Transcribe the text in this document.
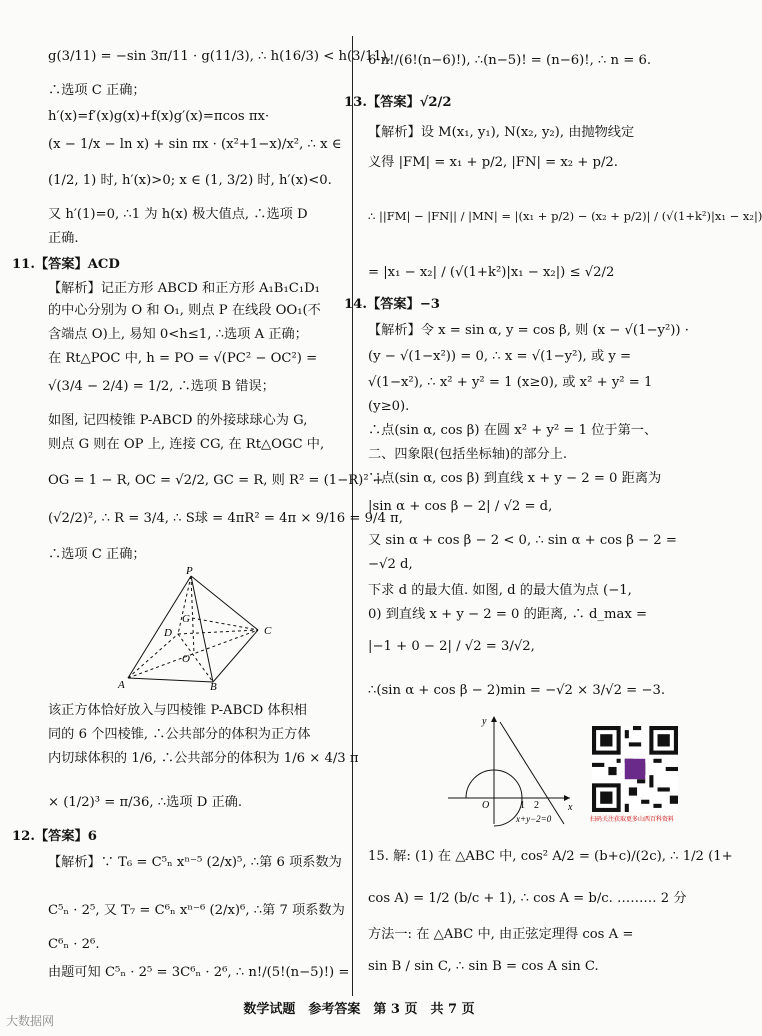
g(3/11) = −sin 3π/11 · g(11/3), ∴ h(16/3) < h(3/11),
∴选项 C 正确；
h′(x)=f′(x)g(x)+f(x)g′(x)=πcos πx·
(x − 1/x − ln x) + sin πx · (x²+1−x)/x², ∴ x ∈
(1/2, 1) 时, h′(x)>0; x ∈ (1, 3/2) 时, h′(x)<0.
又 h′(1)=0, ∴1 为 h(x) 极大值点, ∴选项 D
正确.
11.【答案】ACD
【解析】记正方形 ABCD 和正方形 A₁B₁C₁D₁
的中心分别为 O 和 O₁, 则点 P 在线段 OO₁(不
含端点 O)上, 易知 0<h≤1, ∴选项 A 正确；
在 Rt△POC 中, h = PO = √(PC² − OC²) =
√(3/4 − 2/4) = 1/2, ∴选项 B 错误；
如图, 记四棱锥 P-ABCD 的外接球球心为 G,
则点 G 则在 OP 上, 连接 CG, 在 Rt△OGC 中,
OG = 1 − R, OC = √2/2, GC = R, 则 R² = (1−R)² +
(√2/2)², ∴ R = 3/4, ∴ S球 = 4πR² = 4π × 9/16 = 9/4 π,
∴选项 C 正确；
P
G
D	C
O
A	B
该正方体恰好放入与四棱锥 P-ABCD 体积相
同的 6 个四棱锥, ∴公共部分的体积为正方体
内切球体积的 1/6, ∴公共部分的体积为 1/6 × 4/3 π
× (1/2)³ = π/36, ∴选项 D 正确.
12.【答案】6
【解析】∵ T₆ = C⁵ₙ xⁿ⁻⁵ (2/x)⁵, ∴第 6 项系数为
C⁵ₙ · 2⁵, 又 T₇ = C⁶ₙ xⁿ⁻⁶ (2/x)⁶, ∴第 7 项系数为
C⁶ₙ · 2⁶.
由题可知 C⁵ₙ · 2⁵ = 3C⁶ₙ · 2⁶, ∴ n!/(5!(n−5)!) =
6·n!/(6!(n−6)!), ∴(n−5)! = (n−6)!, ∴ n = 6.
13.【答案】√2/2
【解析】设 M(x₁, y₁), N(x₂, y₂), 由抛物线定
义得 |FM| = x₁ + p/2, |FN| = x₂ + p/2.
∴ ||FM| − |FN|| / |MN| = |(x₁ + p/2) − (x₂ + p/2)| / (√(1+k²)|x₁ − x₂|)
= |x₁ − x₂| / (√(1+k²)|x₁ − x₂|) ≤ √2/2
14.【答案】−3
【解析】令 x = sin α, y = cos β, 则 (x − √(1−y²)) ·
(y − √(1−x²)) = 0, ∴ x = √(1−y²), 或 y =
√(1−x²), ∴ x² + y² = 1 (x≥0), 或 x² + y² = 1
(y≥0).
∴点(sin α, cos β) 在圆 x² + y² = 1 位于第一、
二、四象限(包括坐标轴)的部分上.
∵点(sin α, cos β) 到直线 x + y − 2 = 0 距离为
|sin α + cos β − 2| / √2 = d,
又 sin α + cos β − 2 < 0, ∴ sin α + cos β − 2 =
−√2 d,
下求 d 的最大值. 如图, d 的最大值为点 (−1,
0) 到直线 x + y − 2 = 0 的距离, ∴ d_max =
|−1 + 0 − 2| / √2 = 3/√2,
∴(sin α + cos β − 2)min = −√2 × 3/√2 = −3.
y
x
O	1 2
x+y−2=0
15. 解: (1) 在 △ABC 中, cos² A/2 = (b+c)/(2c), ∴ 1/2 (1+
cos A) = 1/2 (b/c + 1), ∴ cos A = b/c. ……… 2 分
方法一: 在 △ABC 中, 由正弦定理得 cos A =
sin B / sin C, ∴ sin B = cos A sin C.
扫码关注获取更多山西百科资料
数学试题　参考答案　第 3 页　共 7 页
大数据网
